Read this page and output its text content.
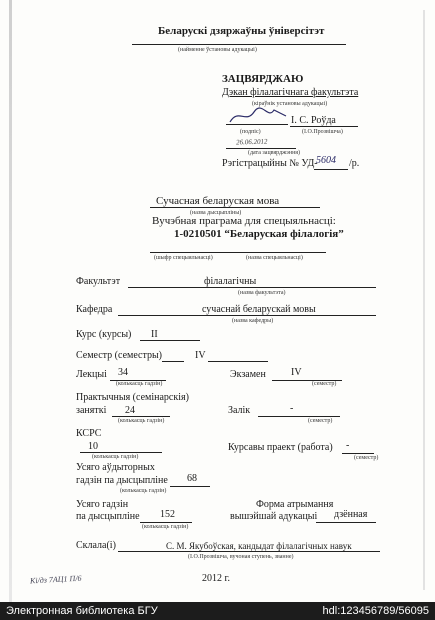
Беларускі дзяржаўны ўніверсітэт
(найменне ўстановы адукацыі)
ЗАЦВЯРДЖАЮ
Дэкан філалагічнага факультэта
(кіраўнік установы адукацыі)
І. С. Роўда
(подпіс)	(І.О.Прозвішча)
26.06.2012
(дата зацвярджэння)
Рэгістрацыйны № УД-
5604 /р.
Сучасная беларуская мова
(назва дысцыпліны)
Вучэбная праграма для спецыяльнасці:
1-0210501 “Беларуская філалогія”
(шыфр спецыяльнасці)	(назва спецыяльнасці)
Факультэт	філалагічны
(назва факультэта)
Кафедра	сучаснай беларускай мовы
(назва кафедры)
Курс (курсы) II
Семестр (семестры)	IV
Лекцыі 34
(колькасць гадзін)
Экзамен	IV
(семестр)
Практычныя (семінарскія)
заняткі 24
(колькасць гадзін)
Залік	-
(семестр)
КСРС
10
(колькасць гадзін)
Курсавы праект (работа) -
(семестр)
Усяго аўдыторных
гадзін па дысцыпліне 68
(колькасць гадзін)
Усяго гадзін
па дысцыпліне 152
(колькасць гадзін)
Форма атрымання
вышэйшай адукацыі дзённая
Склала(і)	С. М. Якубоўская, кандыдат філалагічных навук
(І.О.Прозвішча, вучоная ступень, званне)
Кі/дз 7АЦ1 П/6	2012 г.
Электронная библиотека БГУ	hdl:123456789/56095
